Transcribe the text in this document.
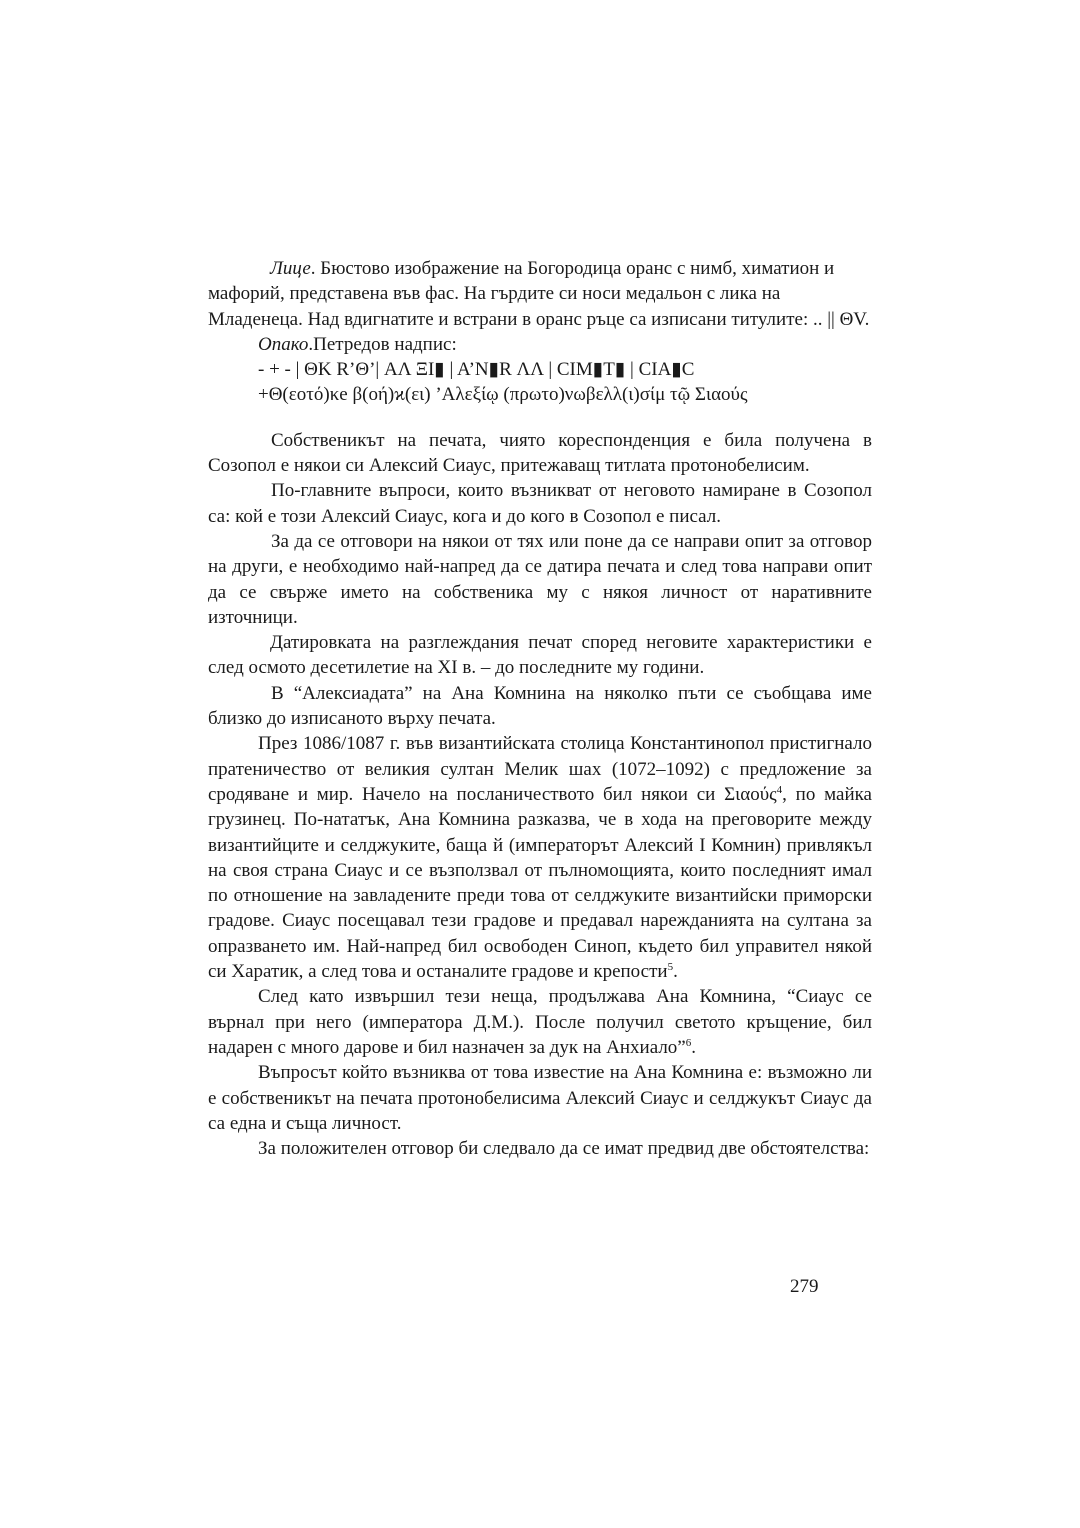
Лице. Бюстово изображение на Богородица оранс с нимб, химатион и мафорий, представена във фас. На гърдите си носи медальон с лика на Младенеца. Над вдигнатите и встрани в оранс ръце са изписани титулите: .. || ΘV.

Опако.Петредов надпис:

- + - | ΘK R’Θ’| AΛ ΞI▮ | A’N▮R ΛΛ | CIM▮T▮ | CIA▮C

+Θ(εοτό)κe β(οή)ϰ(ει) ’Αλεξίῳ (πρωτο)νωβελλ(ι)σίμ τῷ Σιαούς

Собственикът на печата, чиято кореспонденция е била получена в Созопол е някои си Алексий Сиаус, притежаващ титлата протонобелисим.

По-главните въпроси, които възникват от неговото намиране в Созопол са: кой е този Алексий Сиаус, кога и до кого в Созопол е писал.

За да се отговори на някои от тях или поне да се направи опит за отговор на други, е необходимо най-напред да се датира печата и след това направи опит да се свърже името на собственика му с някоя личност от наративните източници.

Датировката на разглеждания печат според неговите характеристики е след осмото десетилетие на XI в. – до последните му години.

В “Алексиадата” на Ана Комнина на няколко пъти се съобщава име близко до изписаното върху печата.

През 1086/1087 г. във византийската столица Константинопол пристигнало пратеничество от великия султан Мелик шах (1072–1092) с предложение за сродяване и мир. Начело на посланичеството бил някои си Σιαούς$^4$, по майка грузинец. По-нататък, Ана Комнина разказва, че в хода на преговорите между византийците и селджуките, баща й (императорът Алексий I Комнин) привлякъл на своя страна Сиаус и се възползвал от пълномощията, които последният имал по отношение на завладените преди това от селджуките византийски приморски градове. Сиаус посещавал тези градове и предавал нарежданията на султана за опразването им. Най-напред бил освободен Синоп, където бил управител някой си Харатик, а след това и останалите градове и крепости$^5$.

След като извършил тези неща, продължава Ана Комнина, “Сиаус се върнал при него (императора Д.М.). После получил светото кръщение, бил надарен с много дарове и бил назначен за дук на Анхиало”$^6$.

Въпросът който възниква от това известие на Ана Комнина е: възможно ли е собственикът на печата протонобелисима Алексий Сиаус и селджукът Сиаус да са една и съща личност.

За положителен отговор би следвало да се имат предвид две обстоятелства:

279
